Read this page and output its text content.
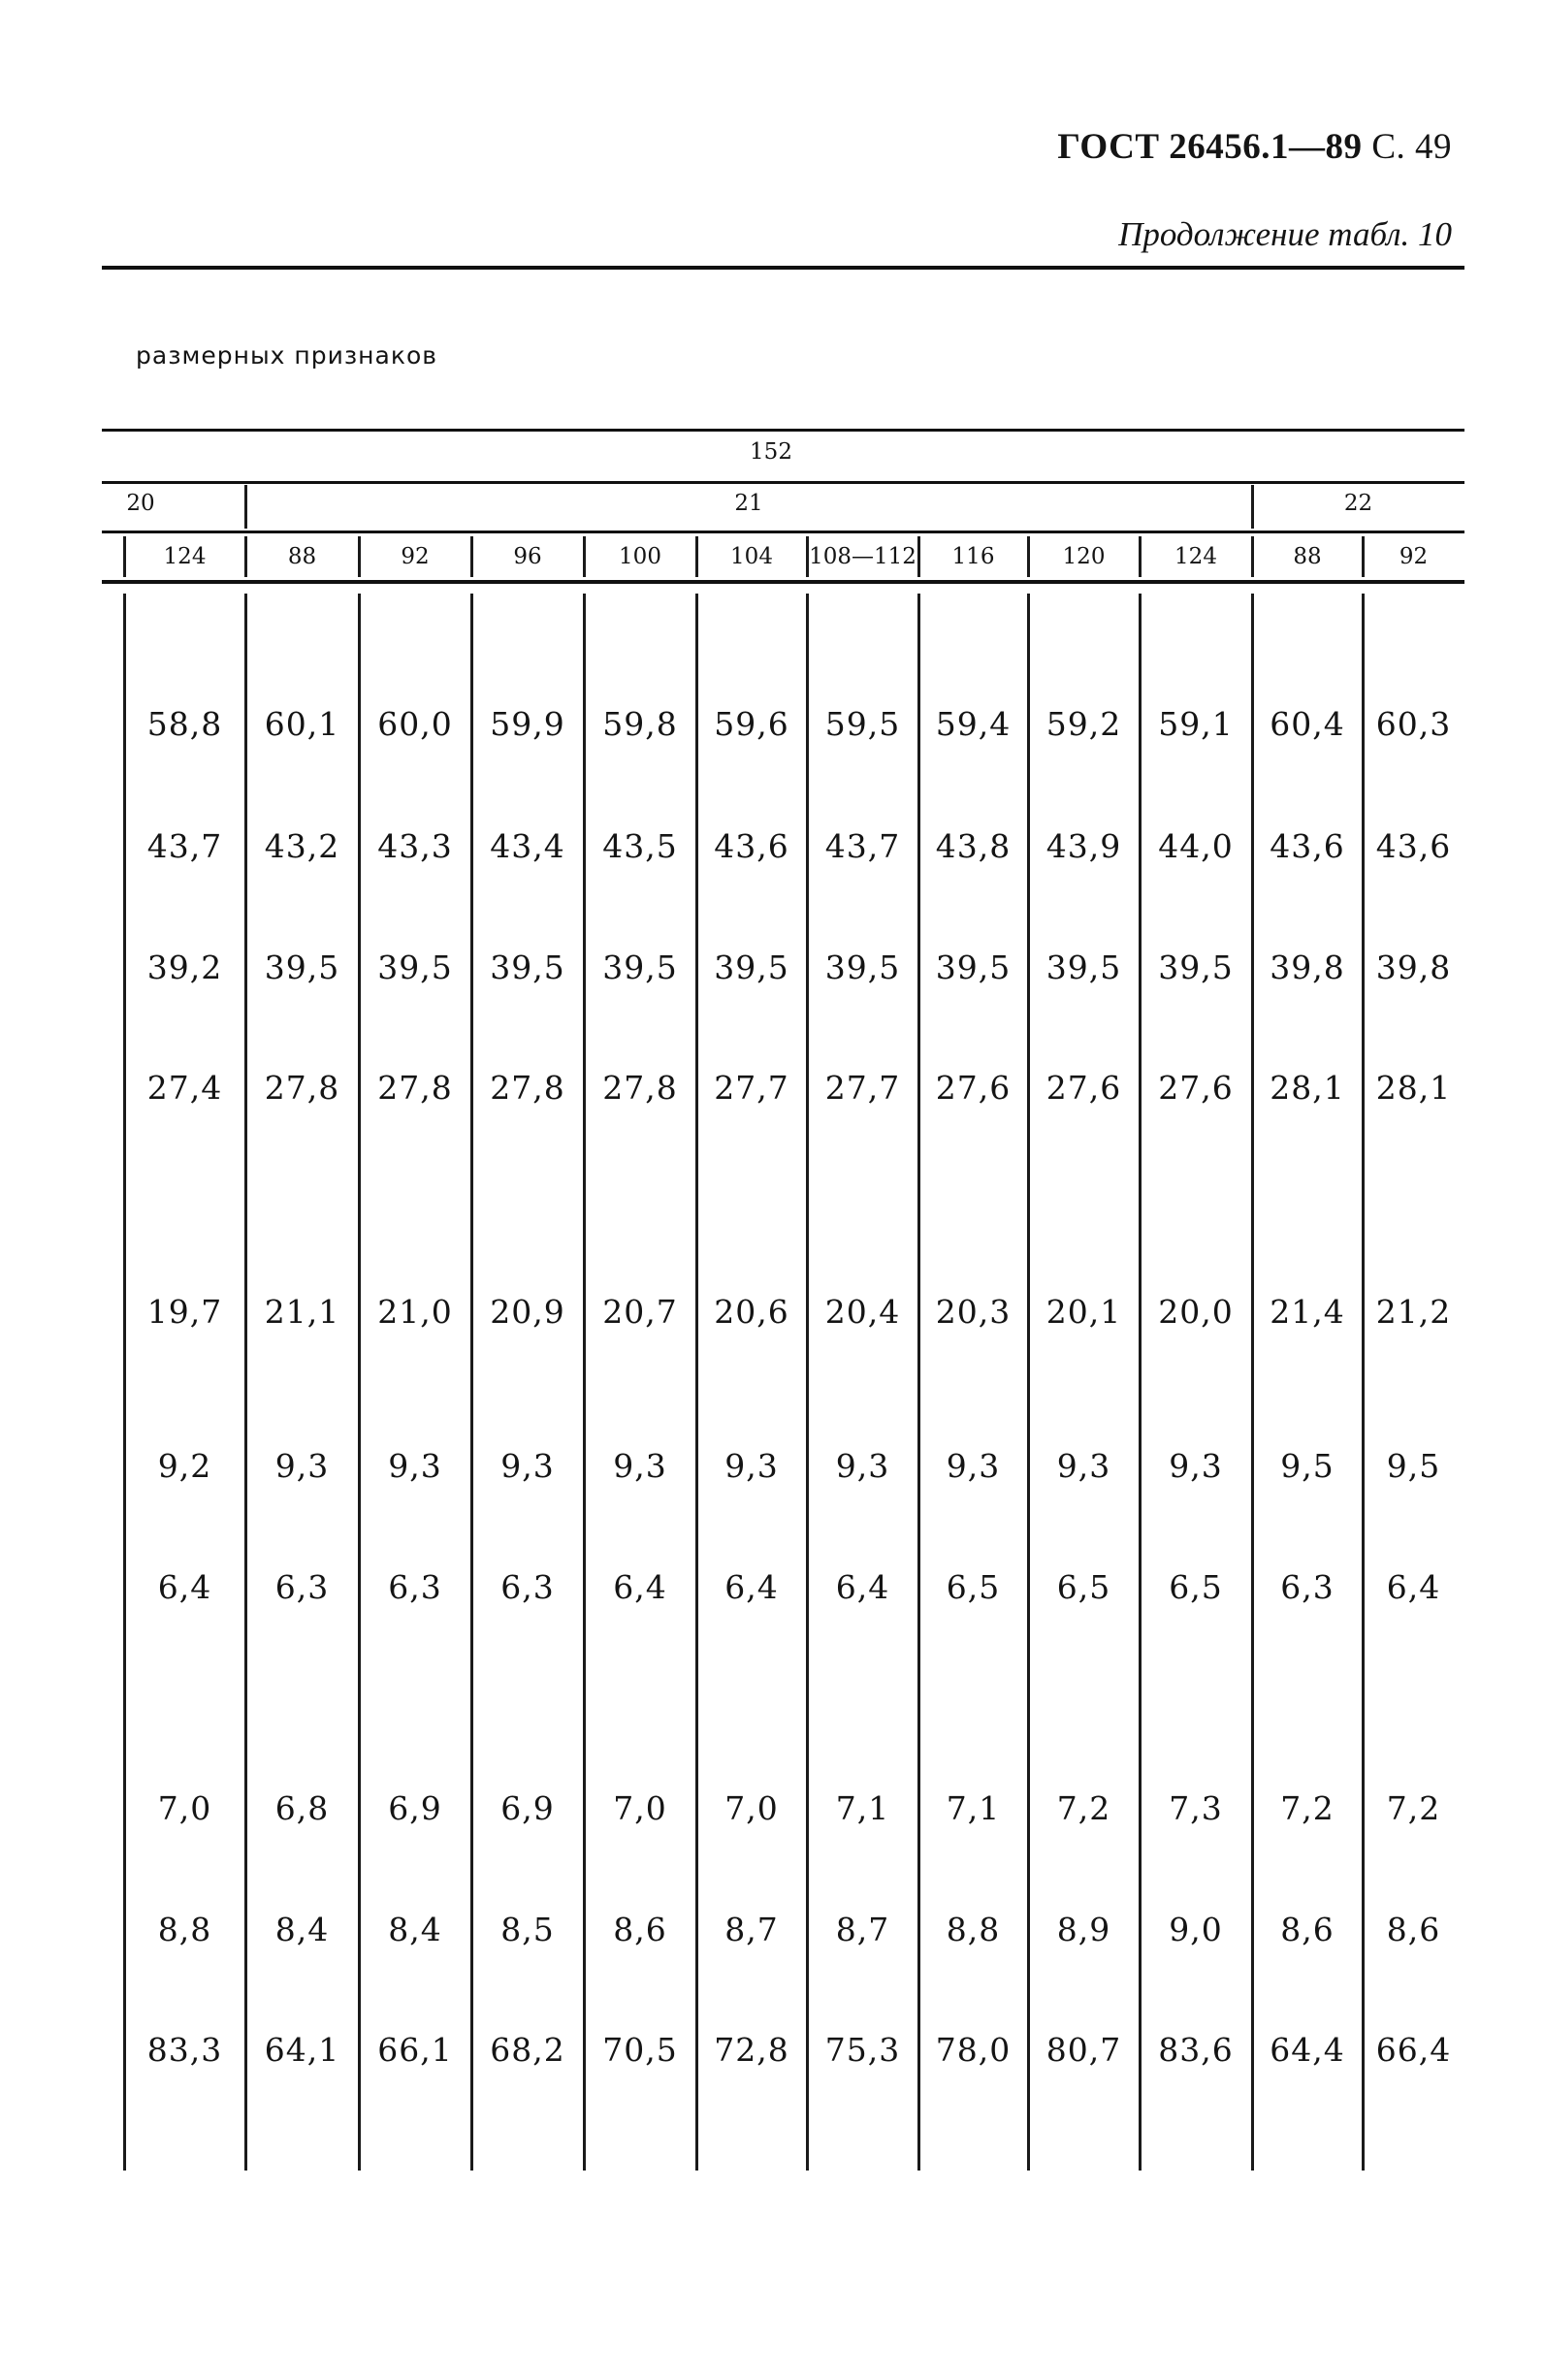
ГОСТ 26456.1—89 С. 49
Продолжение табл. 10
размерных признаков
152
20	21	22
124	88	92	96	100	104 108—112 116	120	124	88	92
58,8 60,1 60,0 59,9 59,8 59,6 59,5 59,4 59,2 59,1 60,4 60,3
43,7 43,2 43,3 43,4 43,5 43,6 43,7 43,8 43,9 44,0 43,6 43,6
39,2 39,5 39,5 39,5 39,5 39,5 39,5 39,5 39,5 39,5 39,8 39,8
27,4 27,8 27,8 27,8 27,8 27,7 27,7 27,6 27,6 27,6 28,1 28,1
19,7 21,1 21,0 20,9 20,7 20,6 20,4 20,3 20,1 20,0 21,4 21,2
9,2 9,3 9,3 9,3 9,3 9,3 9,3 9,3 9,3 9,3 9,5 9,5
6,4 6,3 6,3 6,3 6,4 6,4 6,4 6,5 6,5 6,5 6,3 6,4
7,0 6,8 6,9 6,9 7,0 7,0 7,1 7,1 7,2 7,3 7,2 7,2
8,8 8,4 8,4 8,5 8,6 8,7 8,7 8,8 8,9 9,0 8,6 8,6
83,3 64,1 66,1 68,2 70,5 72,8 75,3 78,0 80,7 83,6 64,4 66,4
